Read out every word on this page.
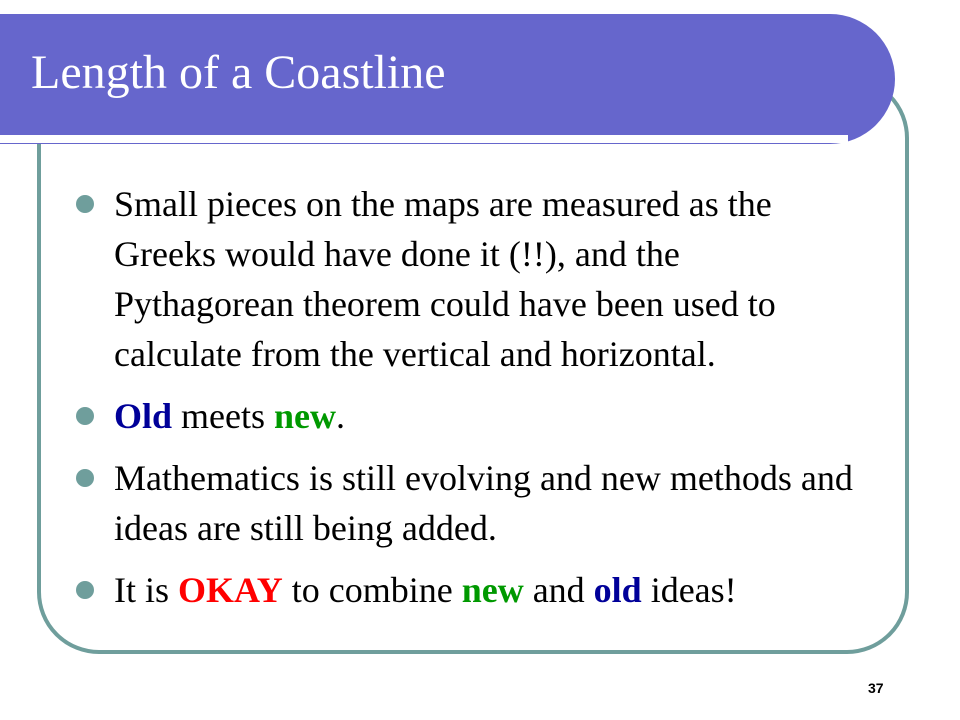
Length of a Coastline
Small pieces on the maps are measured as the Greeks would have done it (!!), and the Pythagorean theorem could have been used to calculate from the vertical and horizontal.
Old meets new.
Mathematics is still evolving and new methods and ideas are still being added.
It is OKAY to combine new and old ideas!
37
